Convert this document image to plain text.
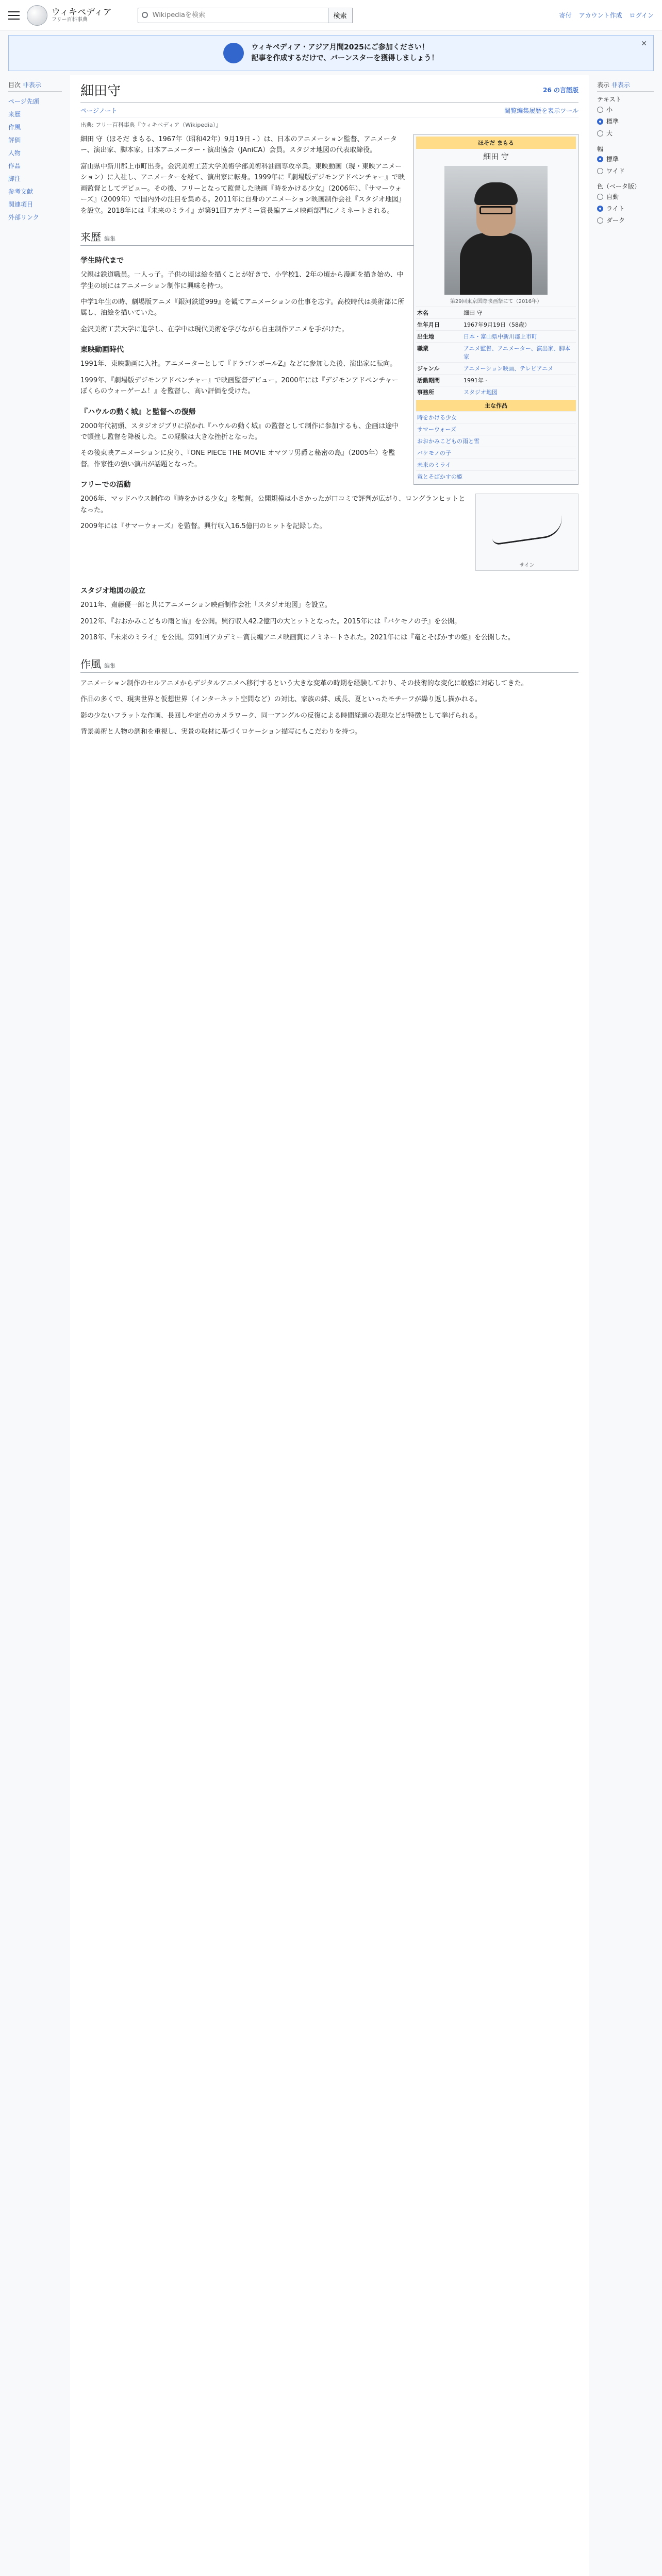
ウィキペディア
フリー百科事典
Wikipediaを検索	検索	寄付 アカウント作成 ログイン
ウィキペディア・アジア月間2025にご参加ください！
記事を作成するだけで、バーンスターを獲得しましょう！
✕
目次 非表示
ページ先頭
来歴
作風
評価
人物
作品
脚注
参考文献
関連項目
外部リンク
細田守	26 の言語版
ページ ノート	閲覧 編集 履歴を表示 ツール
出典: フリー百科事典『ウィキペディア（Wikipedia）』
ほそだ まもる
細田 守
第29回東京国際映画祭にて（2016年）
本名	細田 守
生年月日	1967年9月19日（58歳）
出生地	日本・富山県中新川郡上市町
職業	アニメ監督、アニメーター、演出家、脚本家
ジャンル	アニメーション映画、テレビアニメ
活動期間	1991年 -
事務所	スタジオ地図
主な作品
時をかける少女
サマーウォーズ
おおかみこどもの雨と雪
バケモノの子
未来のミライ
竜とそばかすの姫

細田 守（ほそだ まもる、1967年（昭和42年）9月19日 - ）は、日本のアニメーション監督、アニメーター、演出家、脚本家。日本アニメーター・演出協会（JAniCA）会員。スタジオ地図の代表取締役。

富山県中新川郡上市町出身。金沢美術工芸大学美術学部美術科油画専攻卒業。東映動画（現・東映アニメーション）に入社し、アニメーターを経て、演出家に転身。1999年に『劇場版デジモンアドベンチャー』で映画監督としてデビュー。その後、フリーとなって監督した映画『時をかける少女』（2006年）、『サマーウォーズ』（2009年）で国内外の注目を集める。2011年に自身のアニメーション映画制作会社『スタジオ地図』を設立。2018年には『未来のミライ』が第91回アカデミー賞長編アニメ映画部門にノミネートされる。

来歴 編集
学生時代まで

父親は鉄道職員。一人っ子。子供の頃は絵を描くことが好きで、小学校1、2年の頃から漫画を描き始め、中学生の頃にはアニメーション制作に興味を持つ。

中学1年生の時、劇場版アニメ『銀河鉄道999』を観てアニメーションの仕事を志す。高校時代は美術部に所属し、油絵を描いていた。

金沢美術工芸大学に進学し、在学中は現代美術を学びながら自主制作アニメを手がけた。

東映動画時代

1991年、東映動画に入社。アニメーターとして『ドラゴンボールZ』などに参加した後、演出家に転向。

1999年、『劇場版デジモンアドベンチャー』で映画監督デビュー。2000年には『デジモンアドベンチャー ぼくらのウォーゲーム！』を監督し、高い評価を受けた。

『ハウルの動く城』と監督への復帰

2000年代初頭、スタジオジブリに招かれ『ハウルの動く城』の監督として制作に参加するも、企画は途中で頓挫し監督を降板した。この経験は大きな挫折となった。

その後東映アニメーションに戻り、『ONE PIECE THE MOVIE オマツリ男爵と秘密の島』（2005年）を監督。作家性の強い演出が話題となった。

フリーでの活動
サイン

2006年、マッドハウス制作の『時をかける少女』を監督。公開規模は小さかったが口コミで評判が広がり、ロングランヒットとなった。

2009年には『サマーウォーズ』を監督。興行収入16.5億円のヒットを記録した。

スタジオ地図の設立

2011年、齋藤優一郎と共にアニメーション映画制作会社「スタジオ地図」を設立。

2012年、『おおかみこどもの雨と雪』を公開。興行収入42.2億円の大ヒットとなった。2015年には『バケモノの子』を公開。

2018年、『未来のミライ』を公開。第91回アカデミー賞長編アニメ映画賞にノミネートされた。2021年には『竜とそばかすの姫』を公開した。

作風 編集

アニメーション制作のセルアニメからデジタルアニメへ移行するという大きな変革の時期を経験しており、その技術的な変化に敏感に対応してきた。

作品の多くで、現実世界と仮想世界（インターネット空間など）の対比、家族の絆、成長、夏といったモチーフが繰り返し描かれる。

影の少ないフラットな作画、長回しや定点のカメラワーク、同一アングルの反復による時間経過の表現などが特徴として挙げられる。

背景美術と人物の調和を重視し、実景の取材に基づくロケーション描写にもこだわりを持つ。

表示 非表示
テキスト
小
標準
大
幅
標準
ワイド
色（ベータ版）
自動
ライト
ダーク
